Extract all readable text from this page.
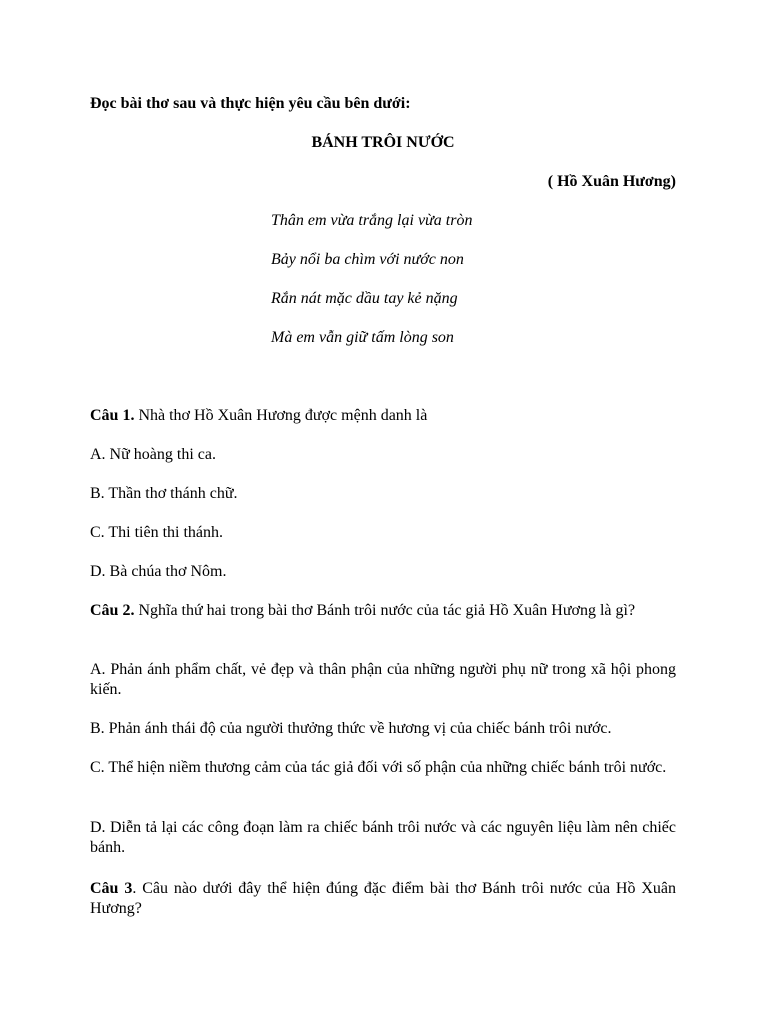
Đọc bài thơ sau và thực hiện yêu cầu bên dưới:
BÁNH TRÔI NƯỚC
( Hồ Xuân Hương)
Thân em vừa trắng lại vừa tròn
Bảy nổi ba chìm với nước non
Rắn nát mặc dầu tay kẻ nặng
Mà em vẫn giữ tấm lòng son
Câu 1. Nhà thơ Hồ Xuân Hương được mệnh danh là
A. Nữ hoàng thi ca.
B. Thần thơ thánh chữ.
C. Thi tiên thi thánh.
D. Bà chúa thơ Nôm.
Câu 2. Nghĩa thứ hai trong bài thơ Bánh trôi nước của tác giả Hồ Xuân Hương là gì?
A. Phản ánh phẩm chất, vẻ đẹp và thân phận của những người phụ nữ trong xã hội phong kiến.
B. Phản ánh thái độ của người thưởng thức về hương vị của chiếc bánh trôi nước.
C. Thể hiện niềm thương cảm của tác giả đối với số phận của những chiếc bánh trôi nước.
D. Diễn tả lại các công đoạn làm ra chiếc bánh trôi nước và các nguyên liệu làm nên chiếc bánh.
Câu 3. Câu nào dưới đây thể hiện đúng đặc điểm bài thơ Bánh trôi nước của Hồ Xuân Hương?
